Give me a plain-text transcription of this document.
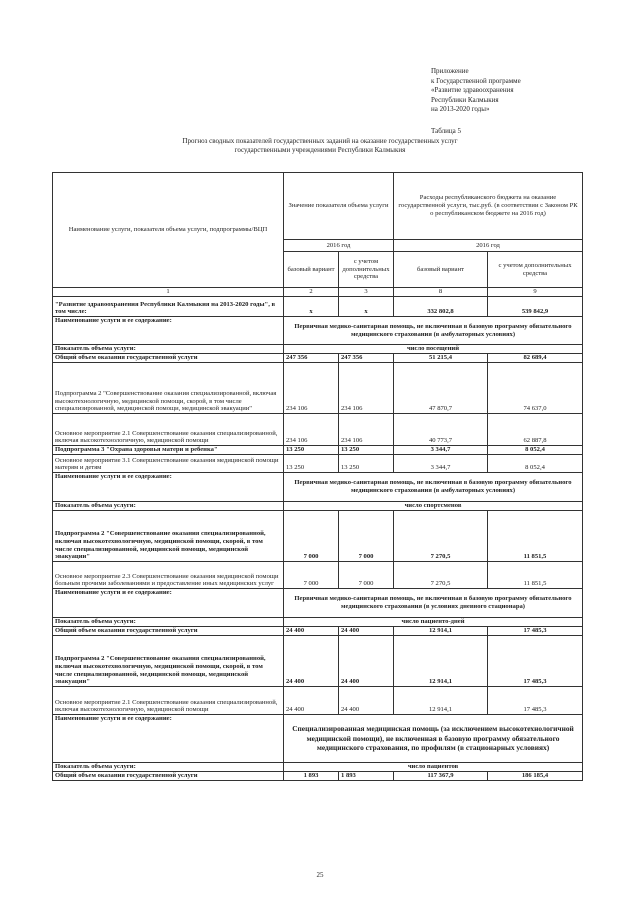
Приложение
к Государственной программе
«Развитие здравоохранения
Республики Калмыкия
на 2013-2020 годы»
Таблица 5
Прогноз сводных показателей государственных заданий на оказание государственных услуг
государственными учреждениями Республики Калмыкия
Наименование услуги, показателя объема услуги, подпрограммы/ВЦП	Значение показателя объема услуги		Расходы республиканского бюджета на оказание государственной услуги, тыс.руб. (в соответствии с Законом РК о республиканском бюджете на 2016 год)	
	2016 год		2016 год	
	базовый вариант	с учетом дополнительных средства	базовый вариант	с учетом дополнительных средства
1	2	3	8	9
"Развитие здравоохранения Республики Калмыкия на 2013-2020 годы", в том числе:	х	х	332 802,8	539 842,9
Наименование услуги и ее содержание:	Первичная медико-санитарная помощь, не включенная в базовую программу обязательного медицинского страхования (в амбулаторных условиях)			
Показатель объема услуги:	число посещений			
Общий объем оказания государственной услуги	247 356	247 356	51 215,4	82 689,4
Подпрограмма 2 "Совершенствование оказания специализированной, включая высокотехнологичную, медицинской помощи, скорой, в том числе специализированной, медицинской помощи, медицинской эвакуации"	234 106	234 106	47 870,7	74 637,0
Основное мероприятие 2.1 Совершенствование оказания специализированной, включая высокотехнологичную, медицинской помощи	234 106	234 106	40 773,7	62 887,8
Подпрограмма 3 "Охрана здоровья матери и ребенка"	13 250	13 250	3 344,7	8 052,4
Основное мероприятие 3.1 Совершенствование оказания медицинской помощи матерям и детям	13 250	13 250	3 344,7	8 052,4
Наименование услуги и ее содержание:	Первичная медико-санитарная помощь, не включенная в базовую программу обязательного медицинского страхования (в амбулаторных условиях)			
Показатель объема услуги:	число спортсменов			
Подпрограмма 2 "Совершенствование оказания специализированной, включая высокотехнологичную, медицинской помощи, скорой, в том числе специализированной, медицинской помощи, медицинской эвакуации"	7 000	7 000	7 270,5	11 851,5
Основное мероприятие 2.3 Совершенствование оказания медицинской помощи больным прочими заболеваниями и предоставление иных медицинских услуг	7 000	7 000	7 270,5	11 851,5
Наименование услуги и ее содержание:	Первичная медико-санитарная помощь, не включенная в базовую программу обязательного медицинского страхования (в условиях дневного стационара)			
Показатель объема услуги:	число пациенто-дней			
Общий объем оказания государственной услуги	24 400	24 400	12 914,1	17 485,3
Подпрограмма 2 "Совершенствование оказания специализированной, включая высокотехнологичную, медицинской помощи, скорой, в том числе специализированной, медицинской помощи, медицинской эвакуации"	24 400	24 400	12 914,1	17 485,3
Основное мероприятие 2.1 Совершенствование оказания специализированной, включая высокотехнологичную, медицинской помощи	24 400	24 400	12 914,1	17 485,3
Наименование услуги и ее содержание:	Специализированная медицинская помощь (за исключением высокотехнологичной медицинской помощи), не включенная в базовую программу обязательного медицинского страхования, по профилям (в стационарных условиях)			
Показатель объема услуги:	число пациентов			
Общий объем оказания государственной услуги	1 893	1 893	117 367,9	186 185,4
25
